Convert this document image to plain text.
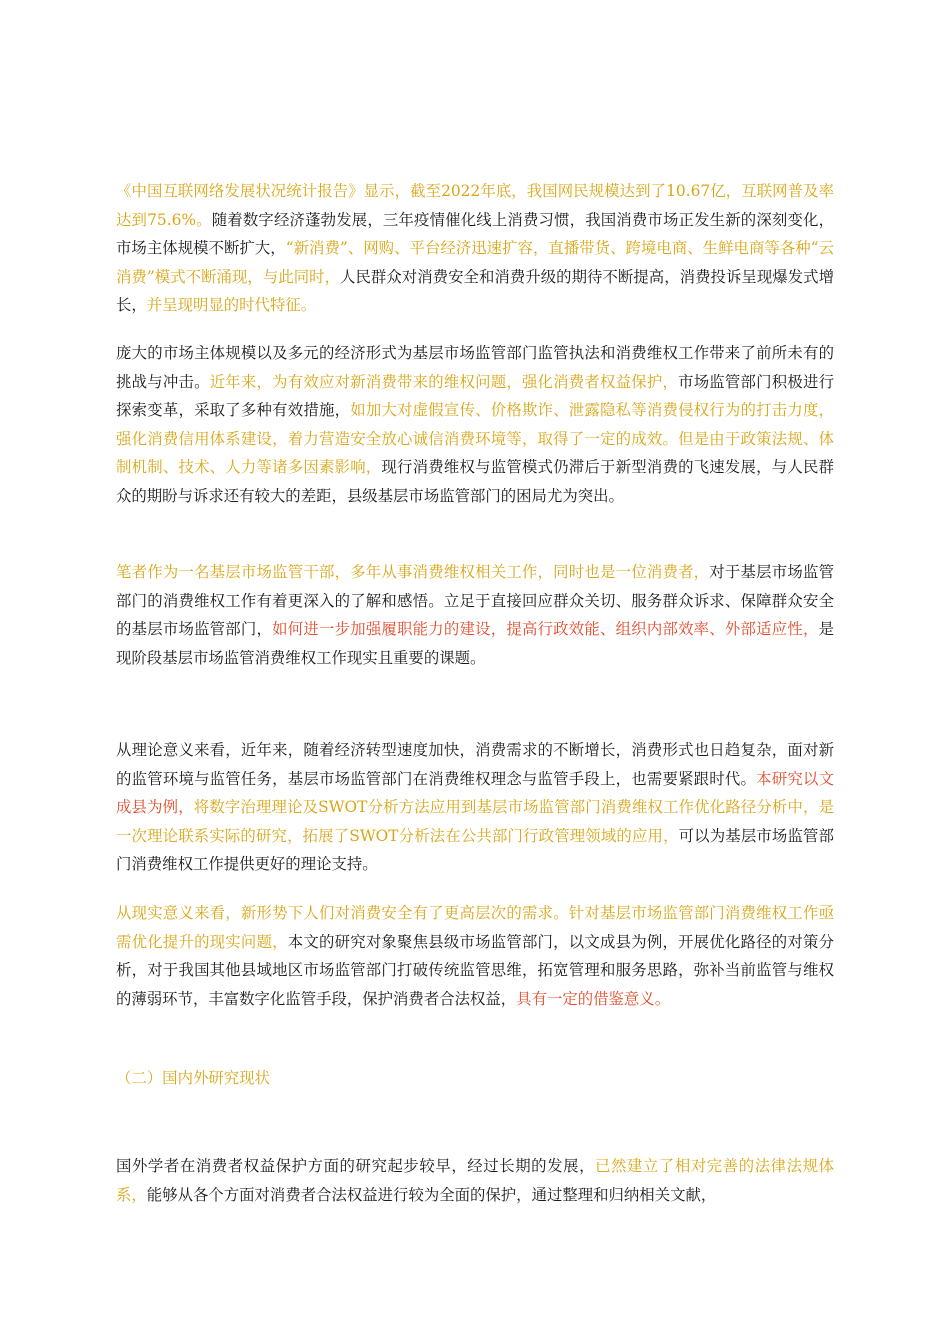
《中国互联网络发展状况统计报告》显示，截至2022年底，我国网民规模达到了10.67亿，互联网普及率达到75.6%。随着数字经济蓬勃发展，三年疫情催化线上消费习惯，我国消费市场正发生新的深刻变化，市场主体规模不断扩大，“新消费”、网购、平台经济迅速扩容，直播带货、跨境电商、生鲜电商等各种“云消费”模式不断涌现，与此同时，人民群众对消费安全和消费升级的期待不断提高，消费投诉呈现爆发式增长，并呈现明显的时代特征。

庞大的市场主体规模以及多元的经济形式为基层市场监管部门监管执法和消费维权工作带来了前所未有的挑战与冲击。近年来，为有效应对新消费带来的维权问题，强化消费者权益保护，市场监管部门积极进行探索变革，采取了多种有效措施，如加大对虚假宣传、价格欺诈、泄露隐私等消费侵权行为的打击力度，强化消费信用体系建设，着力营造安全放心诚信消费环境等，取得了一定的成效。但是由于政策法规、体制机制、技术、人力等诸多因素影响，现行消费维权与监管模式仍滞后于新型消费的飞速发展，与人民群众的期盼与诉求还有较大的差距，县级基层市场监管部门的困局尤为突出。

笔者作为一名基层市场监管干部，多年从事消费维权相关工作，同时也是一位消费者，对于基层市场监管部门的消费维权工作有着更深入的了解和感悟。立足于直接回应群众关切、服务群众诉求、保障群众安全的基层市场监管部门，如何进一步加强履职能力的建设，提高行政效能、组织内部效率、外部适应性，是现阶段基层市场监管消费维权工作现实且重要的课题。

从理论意义来看，近年来，随着经济转型速度加快，消费需求的不断增长，消费形式也日趋复杂，面对新的监管环境与监管任务，基层市场监管部门在消费维权理念与监管手段上，也需要紧跟时代。本研究以文成县为例，将数字治理理论及SWOT分析方法应用到基层市场监管部门消费维权工作优化路径分析中，是一次理论联系实际的研究，拓展了SWOT分析法在公共部门行政管理领域的应用，可以为基层市场监管部门消费维权工作提供更好的理论支持。

从现实意义来看，新形势下人们对消费安全有了更高层次的需求。针对基层市场监管部门消费维权工作亟需优化提升的现实问题，本文的研究对象聚焦县级市场监管部门，以文成县为例，开展优化路径的对策分析，对于我国其他县域地区市场监管部门打破传统监管思维，拓宽管理和服务思路，弥补当前监管与维权的薄弱环节，丰富数字化监管手段，保护消费者合法权益，具有一定的借鉴意义。

（二）国内外研究现状

国外学者在消费者权益保护方面的研究起步较早，经过长期的发展，已然建立了相对完善的法律法规体系，能够从各个方面对消费者合法权益进行较为全面的保护，通过整理和归纳相关文献，
